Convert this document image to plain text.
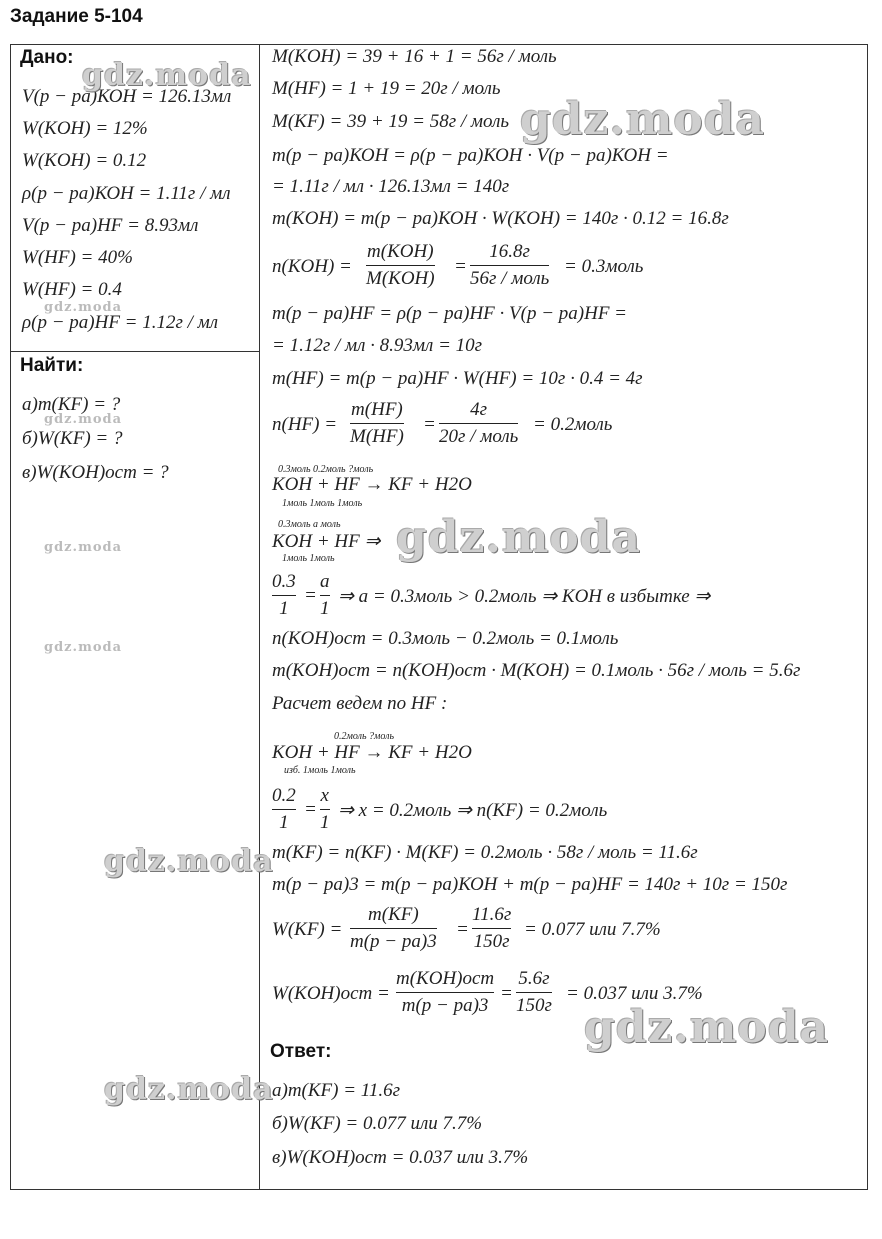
Задание 5-104
Дано:
V(p − pa)КОН = 126.13мл
W(KOH) = 12%
W(KOH) = 0.12
ρ(p − pa)КОН = 1.11г / мл
V(p − pa)HF = 8.93мл
W(HF) = 40%
W(HF) = 0.4
ρ(p − pa)HF = 1.12г / мл
Найти:
а)m(KF) = ?
б)W(KF) = ?
в)W(KOH)ост = ?
M(KOH) = 39 + 16 + 1 = 56г / моль
M(HF) = 1 + 19 = 20г / моль
M(KF) = 39 + 19 = 58г / моль
m(p − pa)КОН = ρ(p − pa)КОН · V(p − pa)КОН =
= 1.11г / мл · 126.13мл = 140г
m(KOH) = m(p − pa)КОН · W(KOH) = 140г · 0.12 = 16.8г
n(KOH) =
m(KOH)
M(KOH)
=
16.8г
56г / моль
= 0.3моль
m(p − pa)HF = ρ(p − pa)HF · V(p − pa)HF =
= 1.12г / мл · 8.93мл = 10г
m(HF) = m(p − pa)HF · W(HF) = 10г · 0.4 = 4г
n(HF) =
m(HF)
M(HF)
=
4г
20г / моль
= 0.2моль
0.3моль 0.2моль ?моль
KOH + HF → KF + H2O
1моль 1моль 1моль
0.3моль a моль
KOH + HF ⇒
1моль 1моль
0.3
1
=
a
1
⇒ a = 0.3моль > 0.2моль ⇒ KOH в избытке ⇒
n(KOH)ост = 0.3моль − 0.2моль = 0.1моль
m(KOH)ост = n(KOH)ост · M(KOH) = 0.1моль · 56г / моль = 5.6г
Расчет ведем по HF :
0.2моль ?моль
KOH + HF → KF + H2O
изб. 1моль 1моль
0.2
1
=
x
1
⇒ x = 0.2моль ⇒ n(KF) = 0.2моль
m(KF) = n(KF) · M(KF) = 0.2моль · 58г / моль = 11.6г
m(p − pa)3 = m(p − pa)КОН + m(p − pa)HF = 140г + 10г = 150г
W(KF) =
m(KF)
m(p − pa)3
=
11.6г
150г
= 0.077 или 7.7%
W(KOH)ост =
m(KOH)ост
m(p − pa)3
=
5.6г
150г
= 0.037 или 3.7%
Ответ:
а)m(KF) = 11.6г
б)W(KF) = 0.077 или 7.7%
в)W(KOH)ост = 0.037 или 3.7%
gdz.moda
gdz.moda
gdz.moda
gdz.moda
gdz.moda
gdz.moda
gdz.moda
gdz.moda
gdz.moda
gdz.moda
